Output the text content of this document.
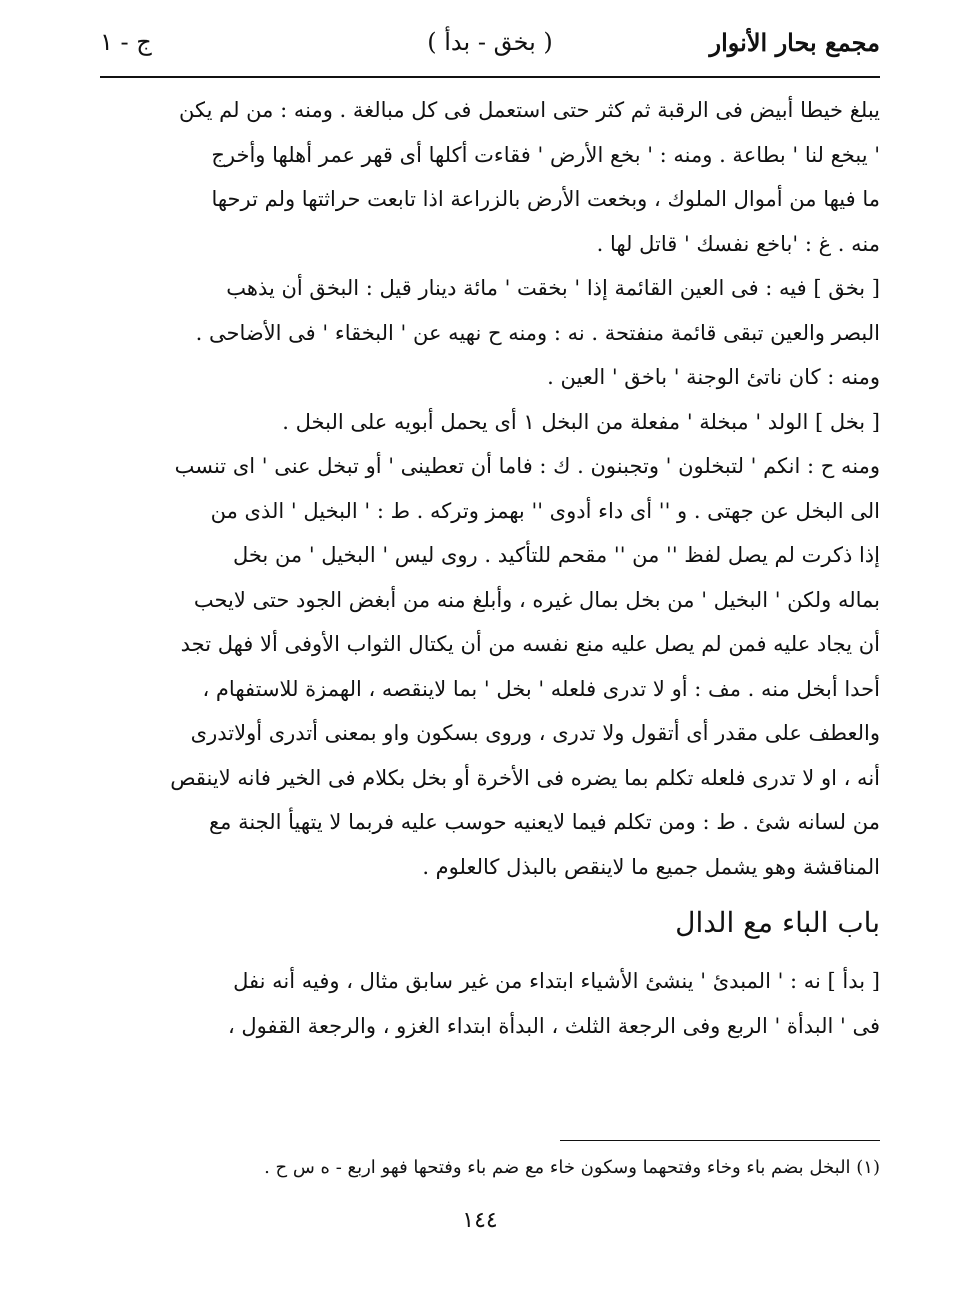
مجمع بحار الأنوار
( بخق - بدأ )
ج - ١
يبلغ خيطا أبيض فى الرقبة ثم كثر حتى استعمل فى كل مبالغة . ومنه : من لم يكن
' يبخع لنا ' بطاعة . ومنه : ' بخع الأرض ' فقاءت أكلها أى قهر عمر أهلها وأخرج
ما فيها من أموال الملوك ، وبخعت الأرض بالزراعة اذا تابعت حراثتها ولم ترحها
منه . غ : 'باخع نفسك ' قاتل لها .
[ بخق ] فيه : فى العين القائمة إذا ' بخقت ' مائة دينار قيل : البخق أن يذهب
البصر والعين تبقى قائمة منفتحة . نه : ومنه ح نهيه عن ' البخقاء ' فى الأضاحى .
ومنه : كان ناتئ الوجنة ' باخق ' العين .
[ بخل ] الولد ' مبخلة ' مفعلة من البخل ١ أى يحمل أبويه على البخل .
ومنه ح : انكم ' لتبخلون ' وتجبنون . ك : فاما أن تعطينى ' أو تبخل عنى ' اى تنسب
الى البخل عن جهتى . و '' أى داء أدوى '' بهمز وتركه . ط : ' البخيل ' الذى من
إذا ذكرت لم يصل لفظ '' من '' مقحم للتأكيد . روى ليس ' البخيل ' من بخل
بماله ولكن ' البخيل ' من بخل بمال غيره ، وأبلغ منه من أبغض الجود حتى لايحب
أن يجاد عليه فمن لم يصل عليه منع نفسه من أن يكتال الثواب الأوفى ألا فهل تجد
أحدا أبخل منه . مف : أو لا تدرى فلعله ' بخل ' بما لاينقصه ، الهمزة للاستفهام ،
والعطف على مقدر أى أتقول ولا تدرى ، وروى بسكون واو بمعنى أتدرى أولاتدرى
أنه ، او لا تدرى فلعله تكلم بما يضره فى الأخرة أو بخل بكلام فى الخير فانه لاينقص
من لسانه شئ . ط : ومن تكلم فيما لايعنيه حوسب عليه فربما لا يتهيأ الجنة مع
المناقشة وهو يشمل جميع ما لاينقص بالبذل كالعلوم .
باب الباء مع الدال
[ بدأ ] نه : ' المبدئ ' ينشئ الأشياء ابتداء من غير سابق مثال ، وفيه أنه نفل
فى ' البدأة ' الربع وفى الرجعة الثلث ، البدأة ابتداء الغزو ، والرجعة القفول ،
(١) البخل بضم باء وخاء وفتحهما وسكون خاء مع ضم باء وفتحها فهو اربع - ه س ح .
١٤٤
